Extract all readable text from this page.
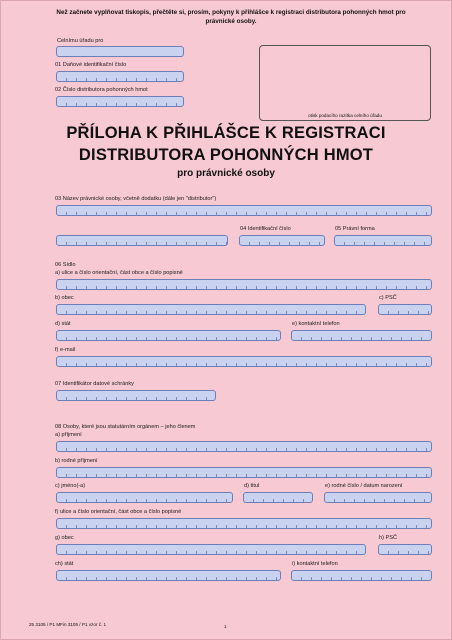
Než začnete vyplňovat tiskopis, přečtěte si, prosím, pokyny k přihlášce k registraci distributora pohonných hmot pro právnické osoby.
Celnímu úřadu pro
01 Daňové identifikační číslo
02 Číslo distributora pohonných hmot
otisk podacího razítka celního úřadu
PŘÍLOHA K PŘIHLÁŠCE K REGISTRACI
DISTRIBUTORA POHONNÝCH HMOT
pro právnické osoby
03 Název právnické osoby, včetně dodatku (dále jen "distributor")
04 Identifikační číslo	05 Právní forma
06 Sídlo
a) ulice a číslo orientační, část obce a číslo popisné
b) obec	c) PSČ
d) stát	e) kontaktní telefon
f) e-mail
07 Identifikátor datové schránky
08 Osoby, které jsou statutárním orgánem – jeho členem
a) příjmení
b) rodné příjmení
c) jméno(-a)	d) titul	e) rodné číslo / datum narození
f) ulice a číslo orientační, část obce a číslo popisné
g) obec	h) PSČ
ch) stát	i) kontaktní telefon
25 3105 / P1 MFin 3105 / P1 vzor č. 1	1
